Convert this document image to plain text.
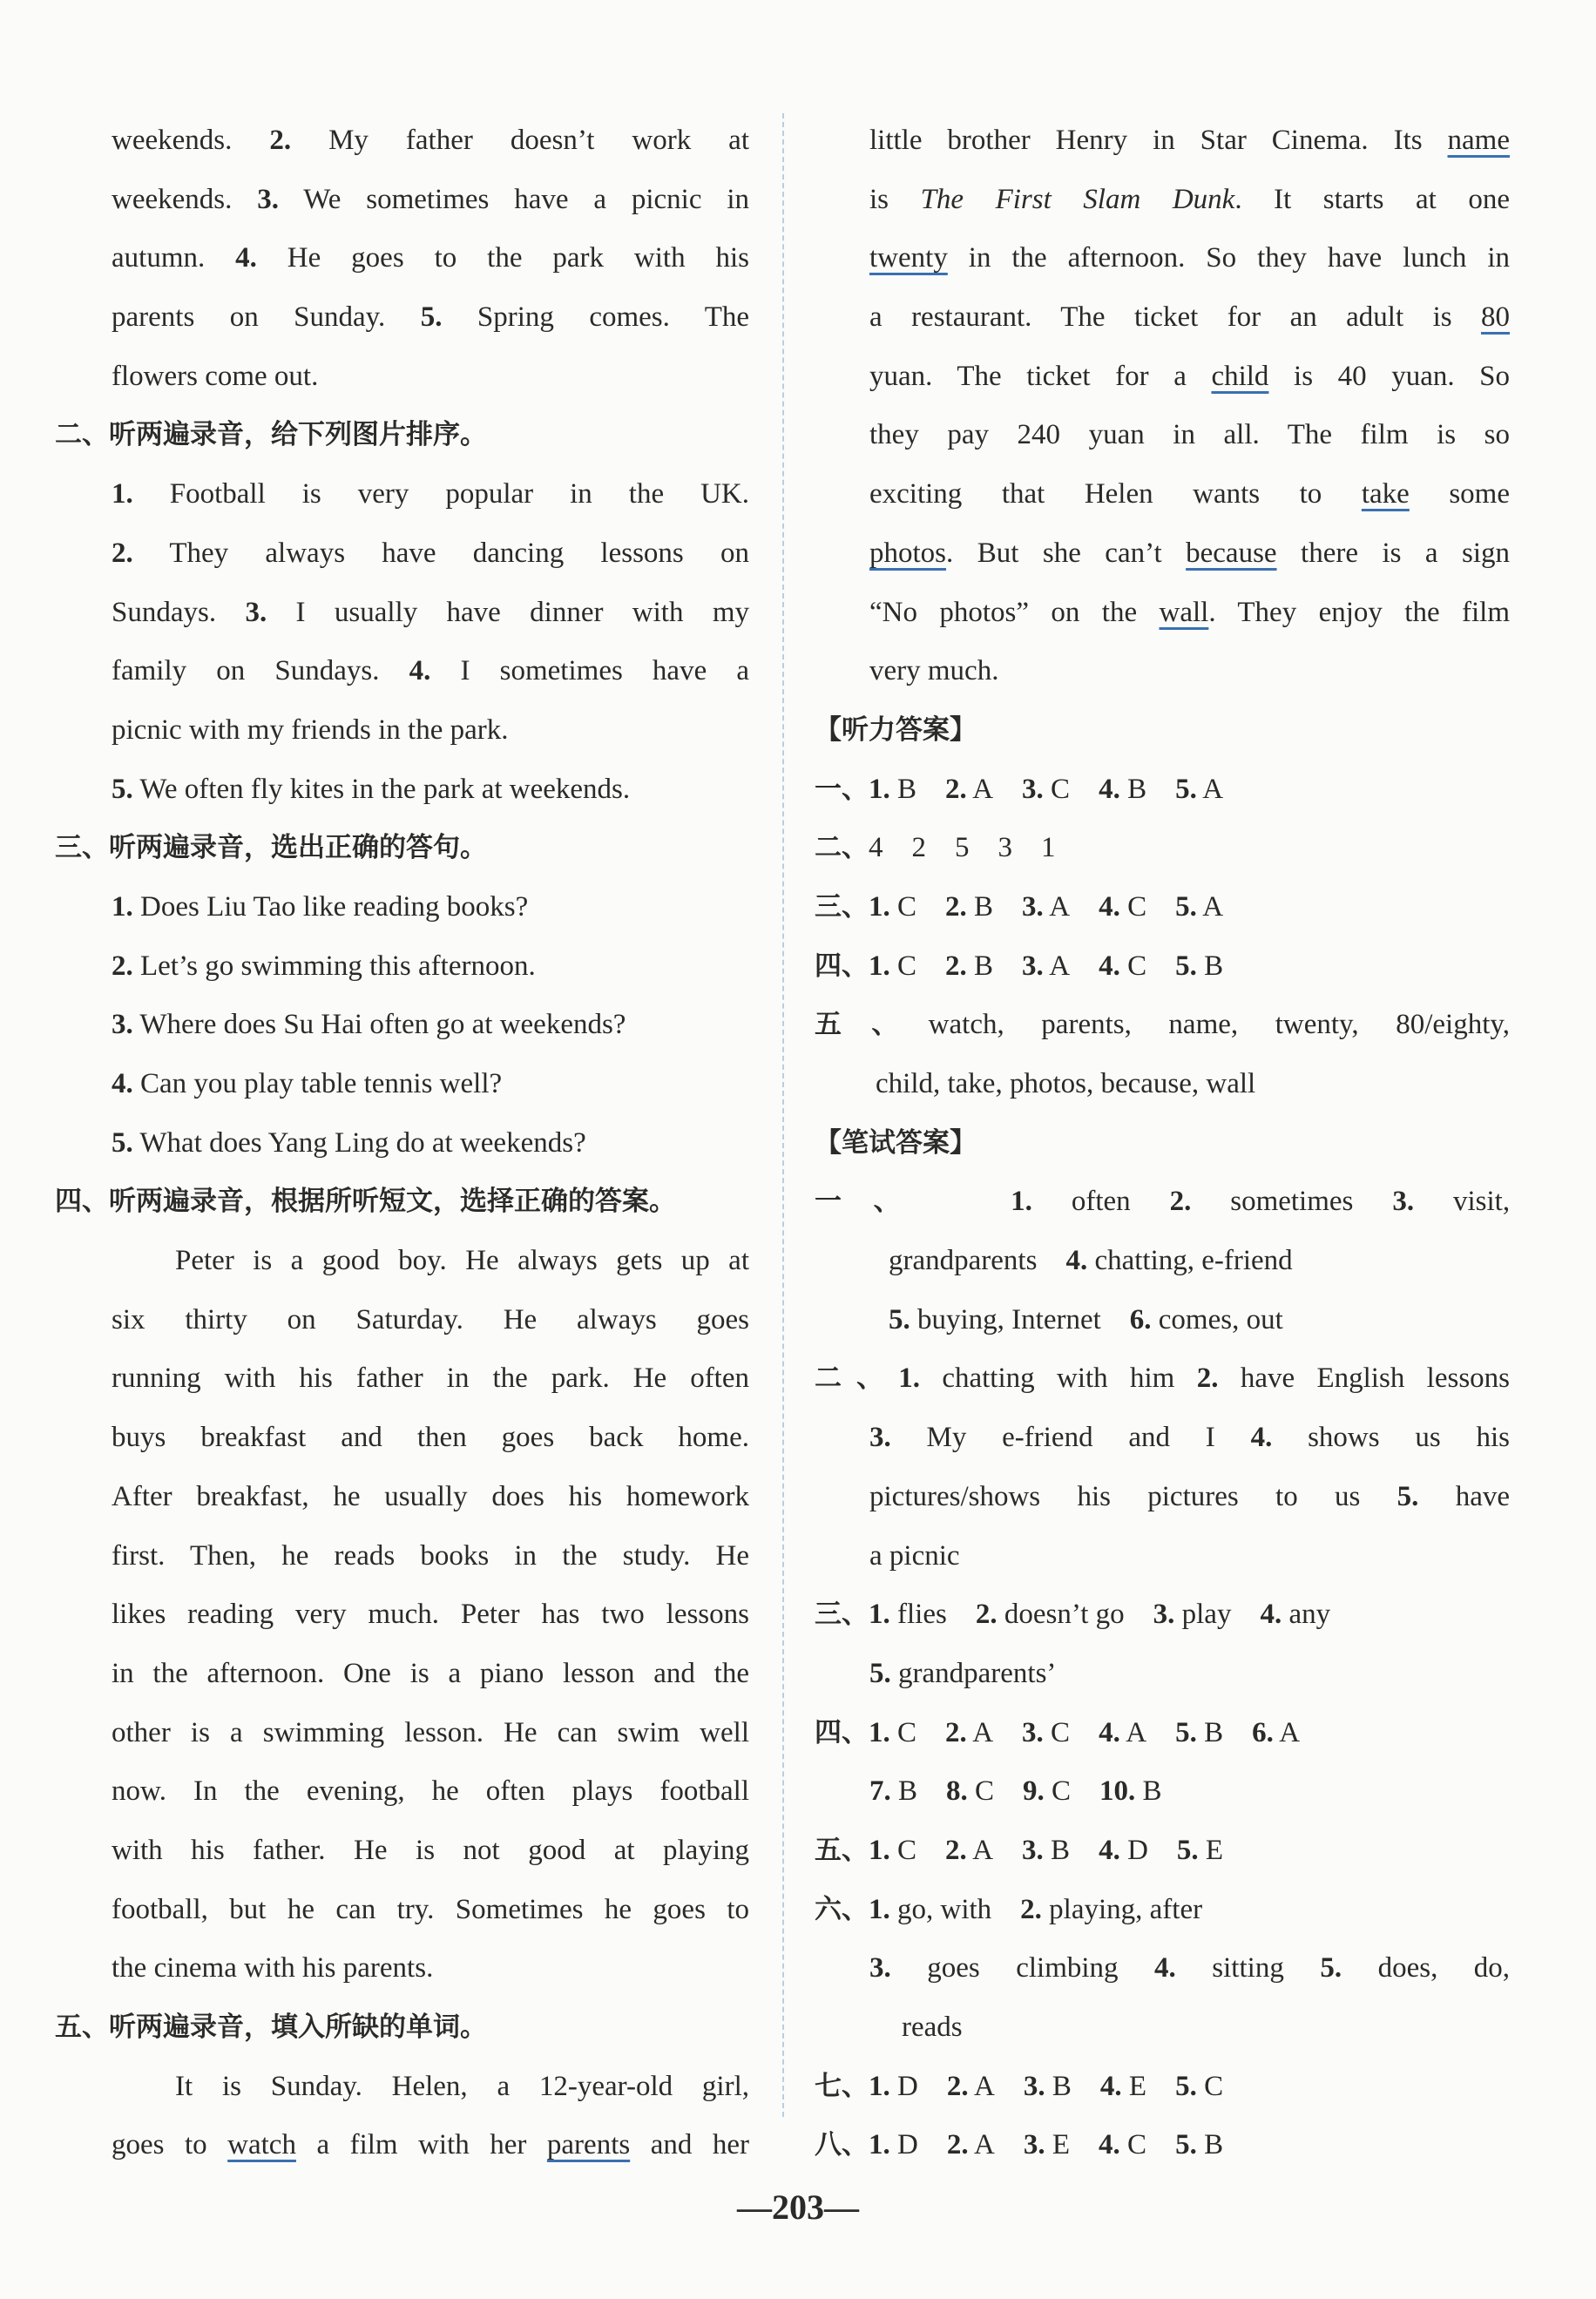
weekends. 2. My father doesn’t work at
weekends. 3. We sometimes have a picnic in
autumn. 4. He goes to the park with his
parents on Sunday. 5. Spring comes. The
flowers come out.
二、听两遍录音，给下列图片排序。
1. Football is very popular in the UK.
2. They always have dancing lessons on
Sundays. 3. I usually have dinner with my
family on Sundays. 4. I sometimes have a
picnic with my friends in the park.
5. We often fly kites in the park at weekends.
三、听两遍录音，选出正确的答句。
1. Does Liu Tao like reading books?
2. Let’s go swimming this afternoon.
3. Where does Su Hai often go at weekends?
4. Can you play table tennis well?
5. What does Yang Ling do at weekends?
四、听两遍录音，根据所听短文，选择正确的答案。
Peter is a good boy. He always gets up at
six thirty on Saturday. He always goes
running with his father in the park. He often
buys breakfast and then goes back home.
After breakfast, he usually does his homework
first. Then, he reads books in the study. He
likes reading very much. Peter has two lessons
in the afternoon. One is a piano lesson and the
other is a swimming lesson. He can swim well
now. In the evening, he often plays football
with his father. He is not good at playing
football, but he can try. Sometimes he goes to
the cinema with his parents.
五、听两遍录音，填入所缺的单词。
It is Sunday. Helen, a 12-year-old girl,
goes to watch a film with her parents and her
little brother Henry in Star Cinema. Its name
is The First Slam Dunk. It starts at one
twenty in the afternoon. So they have lunch in
a restaurant. The ticket for an adult is 80
yuan. The ticket for a child is 40 yuan. So
they pay 240 yuan in all. The film is so
exciting that Helen wants to take some
photos. But she can’t because there is a sign
“No photos” on the wall. They enjoy the film
very much.
【听力答案】
一、1. B  2. A  3. C  4. B  5. A
二、4　2　5　3　1
三、1. C  2. B  3. A  4. C  5. A
四、1. C  2. B  3. A  4. C  5. B
五、watch, parents, name, twenty, 80/eighty,
child, take, photos, because, wall
【笔试答案】
一、	1. often 2. sometimes 3. visit,
grandparents  4. chatting, e-friend
5. buying, Internet  6. comes, out
二、1. chatting with him 2. have English lessons
3. My e-friend and I 4. shows us his
pictures/shows his pictures to us 5. have
a picnic
三、1. flies  2. doesn’t go  3. play  4. any
5. grandparents’
四、1. C  2. A  3. C  4. A  5. B  6. A
7. B  8. C  9. C  10. B
五、1. C  2. A  3. B  4. D  5. E
六、1. go, with  2. playing, after
3. goes climbing 4. sitting 5. does, do,
reads
七、1. D  2. A  3. B  4. E  5. C
八、1. D  2. A  3. E  4. C  5. B
—203—
